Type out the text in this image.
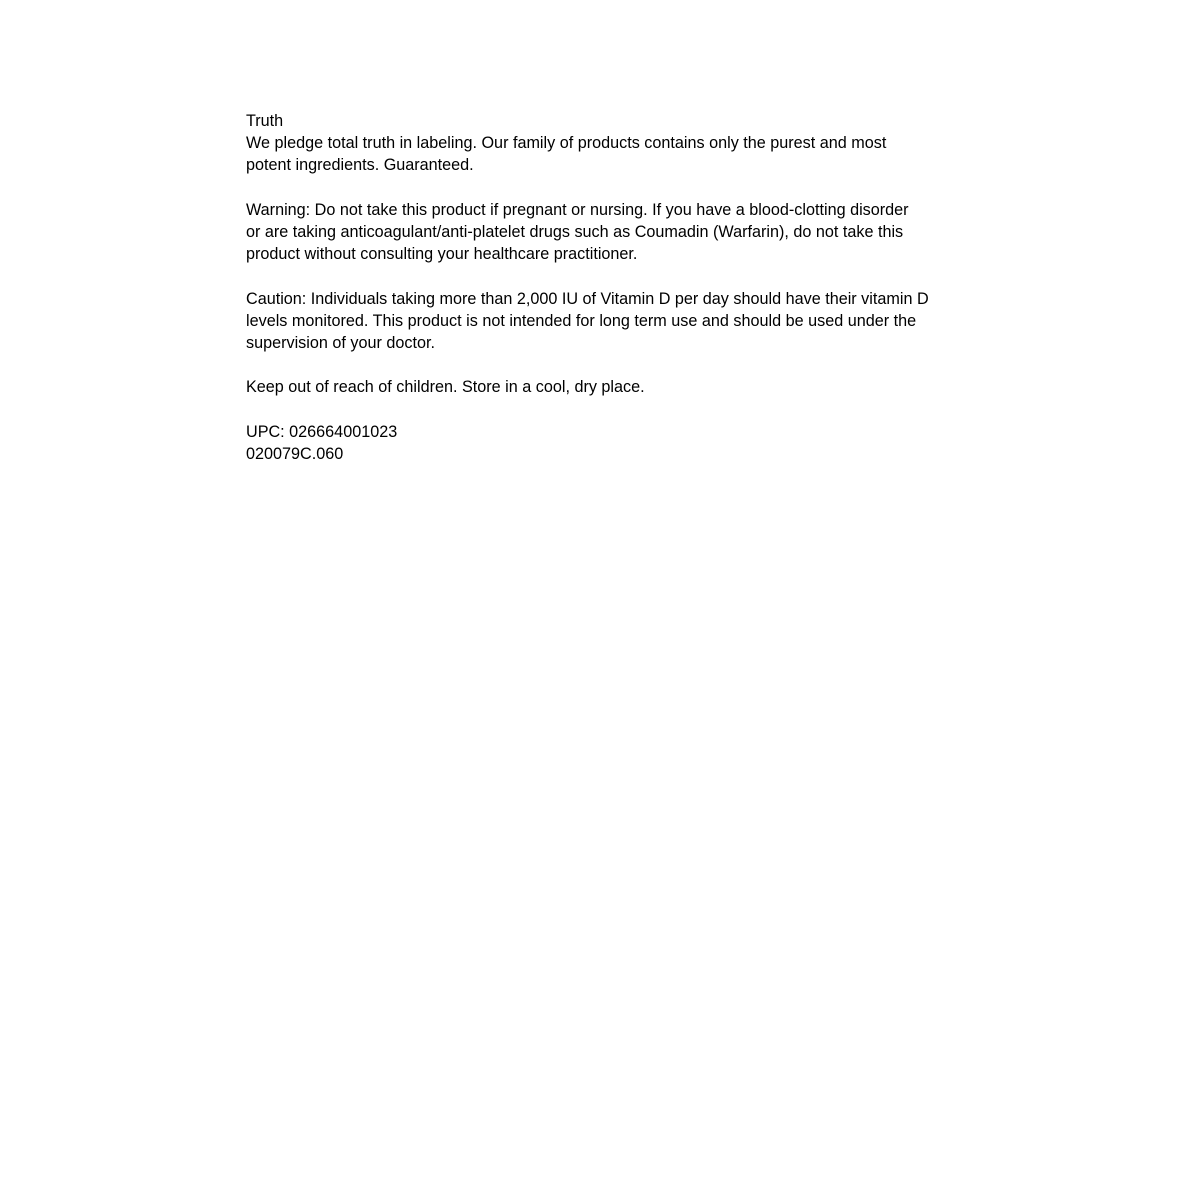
Truth
We pledge total truth in labeling. Our family of products contains only the purest and most
potent ingredients. Guaranteed.
Warning: Do not take this product if pregnant or nursing. If you have a blood-clotting disorder
or are taking anticoagulant/anti-platelet drugs such as Coumadin (Warfarin), do not take this
product without consulting your healthcare practitioner.
Caution: Individuals taking more than 2,000 IU of Vitamin D per day should have their vitamin D
levels monitored. This product is not intended for long term use and should be used under the
supervision of your doctor.
Keep out of reach of children. Store in a cool, dry place.
UPC: 026664001023
020079C.060
